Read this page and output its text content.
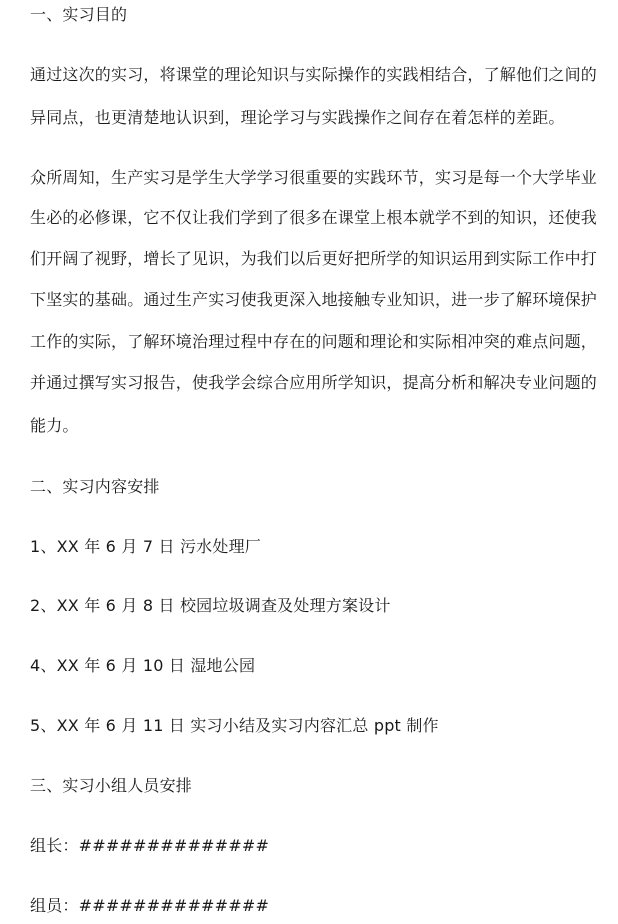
一、实习目的
通过这次的实习，将课堂的理论知识与实际操作的实践相结合，了解他们之间的
异同点，也更清楚地认识到，理论学习与实践操作之间存在着怎样的差距。
众所周知，生产实习是学生大学学习很重要的实践环节，实习是每一个大学毕业
生必的必修课，它不仅让我们学到了很多在课堂上根本就学不到的知识，还使我
们开阔了视野，增长了见识，为我们以后更好把所学的知识运用到实际工作中打
下坚实的基础。通过生产实习使我更深入地接触专业知识，进一步了解环境保护
工作的实际，了解环境治理过程中存在的问题和理论和实际相冲突的难点问题，
并通过撰写实习报告，使我学会综合应用所学知识，提高分析和解决专业问题的
能力。
二、实习内容安排
1、XX 年 6 月 7 日 污水处理厂
2、XX 年 6 月 8 日 校园垃圾调查及处理方案设计
4、XX 年 6 月 10 日 湿地公园
5、XX 年 6 月 11 日 实习小结及实习内容汇总 ppt 制作
三、实习小组人员安排
组长：##############
组员：##############
